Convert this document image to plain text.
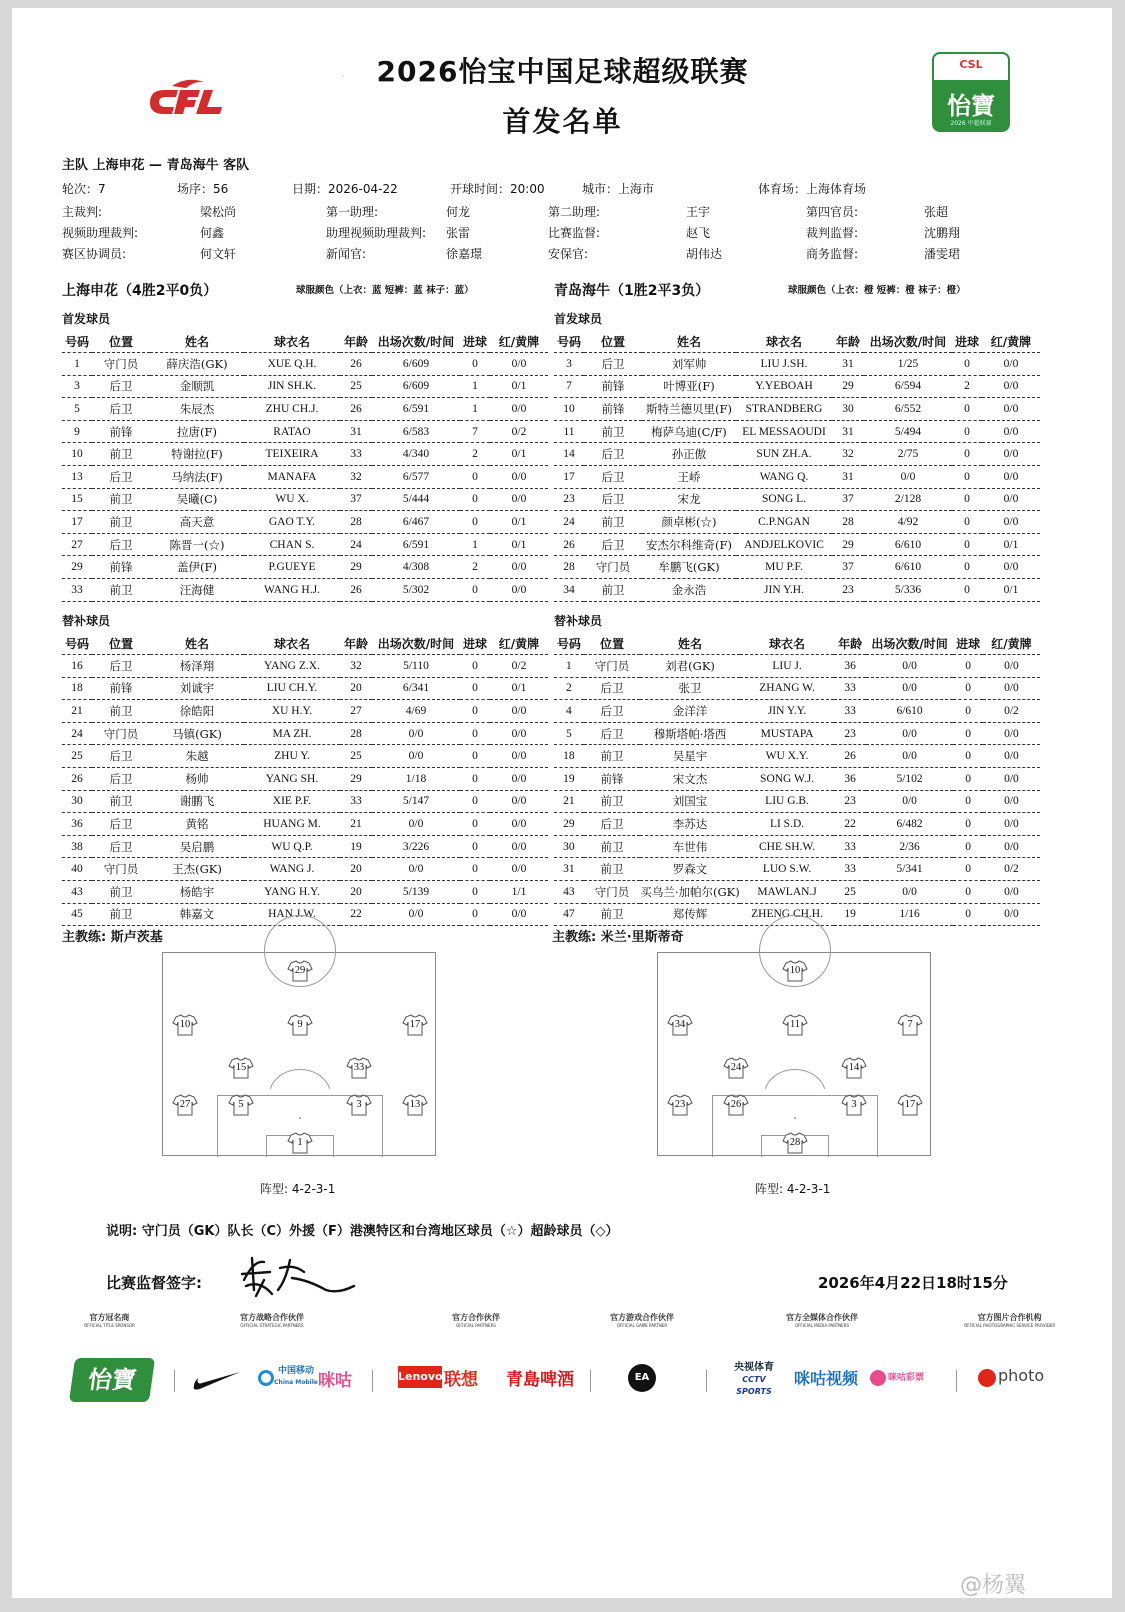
CFL
CSL
怡寶
2026 中超联赛
2026怡宝中国足球超级联赛
首发名单
主队 上海申花 — 青岛海牛 客队
轮次：7	场序：56	日期：2026-04-22	开球时间：20:00	城市：上海市	体育场：上海体育场
主裁判:	梁松尚	第一助理:	何龙	第二助理:	王宇	第四官员:	张超
视频助理裁判:	何鑫	助理视频助理裁判: 张雷	比赛监督:	赵飞	裁判监督:	沈鹏翔
赛区协调员:	何文轩	新闻官:	徐嘉璟	安保官:	胡伟达	商务监督:	潘雯珺
上海申花（4胜2平0负）	球服颜色（上衣：蓝 短裤：蓝 袜子：蓝）	青岛海牛（1胜2平3负）	球服颜色（上衣：橙 短裤：橙 袜子：橙）
首发球员	首发球员
替补球员	替补球员
号码	位置	姓名	球衣名	年龄	出场次数/时间	进球	红/黄牌
1	守门员	薛庆浩(GK)	XUE Q.H.	26	6/609	0	0/0
3	后卫	金顺凯	JIN SH.K.	25	6/609	1	0/1
5	后卫	朱辰杰	ZHU CH.J.	26	6/591	1	0/0
9	前锋	拉唐(F)	RATAO	31	6/583	7	0/2
10	前卫	特谢拉(F)	TEIXEIRA	33	4/340	2	0/1
13	后卫	马纳法(F)	MANAFA	32	6/577	0	0/0
15	前卫	吴曦(C)	WU X.	37	5/444	0	0/0
17	前卫	高天意	GAO T.Y.	28	6/467	0	0/1
27	后卫	陈晋一(☆)	CHAN S.	24	6/591	1	0/1
29	前锋	盖伊(F)	P.GUEYE	29	4/308	2	0/0
33	前卫	汪海健	WANG H.J.	26	5/302	0	0/0
号码	位置	姓名	球衣名	年龄	出场次数/时间	进球	红/黄牌
3	后卫	刘军帅	LIU J.SH.	31	1/25	0	0/0
7	前锋	叶博亚(F)	Y.YEBOAH	29	6/594	2	0/0
10	前锋	斯特兰德贝里(F)	STRANDBERG	30	6/552	0	0/0
11	前卫	梅萨乌迪(C/F)	EL MESSAOUDI	31	5/494	0	0/0
14	后卫	孙正傲	SUN ZH.A.	32	2/75	0	0/0
17	后卫	王峤	WANG Q.	31	0/0	0	0/0
23	后卫	宋龙	SONG L.	37	2/128	0	0/0
24	前卫	颜卓彬(☆)	C.P.NGAN	28	4/92	0	0/0
26	后卫	安杰尔科维奇(F)	ANDJELKOVIC	29	6/610	0	0/1
28	守门员	牟鹏飞(GK)	MU P.F.	37	6/610	0	0/0
34	前卫	金永浩	JIN Y.H.	23	5/336	0	0/1
号码	位置	姓名	球衣名	年龄	出场次数/时间	进球	红/黄牌
16	后卫	杨泽翔	YANG Z.X.	32	5/110	0	0/2
18	前锋	刘诚宇	LIU CH.Y.	20	6/341	0	0/1
21	前卫	徐皓阳	XU H.Y.	27	4/69	0	0/0
24	守门员	马镇(GK)	MA ZH.	28	0/0	0	0/0
25	后卫	朱越	ZHU Y.	25	0/0	0	0/0
26	后卫	杨帅	YANG SH.	29	1/18	0	0/0
30	前卫	谢鹏飞	XIE P.F.	33	5/147	0	0/0
36	后卫	黄铭	HUANG M.	21	0/0	0	0/0
38	后卫	吴启鹏	WU Q.P.	19	3/226	0	0/0
40	守门员	王杰(GK)	WANG J.	20	0/0	0	0/0
43	前卫	杨皓宇	YANG H.Y.	20	5/139	0	1/1
45	前卫	韩嘉文	HAN J.W.	22	0/0	0	0/0
号码	位置	姓名	球衣名	年龄	出场次数/时间	进球	红/黄牌
1	守门员	刘君(GK)	LIU J.	36	0/0	0	0/0
2	后卫	张卫	ZHANG W.	33	0/0	0	0/0
4	后卫	金洋洋	JIN Y.Y.	33	6/610	0	0/2
5	后卫	穆斯塔帕·塔西	MUSTAPA	23	0/0	0	0/0
18	前卫	吴星宇	WU X.Y.	26	0/0	0	0/0
19	前锋	宋文杰	SONG W.J.	36	5/102	0	0/0
21	前卫	刘国宝	LIU G.B.	23	0/0	0	0/0
29	后卫	李苏达	LI S.D.	22	6/482	0	0/0
30	前卫	车世伟	CHE SH.W.	33	2/36	0	0/0
31	前卫	罗森文	LUO S.W.	33	5/341	0	0/2
43	守门员	买乌兰·加帕尔(GK)	MAWLAN.J	25	0/0	0	0/0
47	前卫	郑传辉	ZHENG CH.H.	19	1/16	0	0/0
主教练: 斯卢茨基	主教练: 米兰·里斯蒂奇
29
10	9	17
15	33
27	5	3	13
1
10
34	11	7
24	14
23	26	3	17
28
阵型: 4-2-3-1	阵型: 4-2-3-1
说明: 守门员（GK）队长（C）外援（F）港澳特区和台湾地区球员（☆）超龄球员（◇）
比赛监督签字:	2026年4月22日18时15分
官方冠名商
OFFICIAL TITLE SPONSOR
官方战略合作伙伴
OFFICIAL STRATEGIC PARTNERS
官方合作伙伴
OFFICIAL PARTNERS
官方游戏合作伙伴
OFFICIAL GAME PARTNER
官方全媒体合作伙伴
OFFICIAL MEDIA PARTNERS
官方图片合作机构
OFFICIAL PHOTOGRAPHIC SERVICE PROVIDER
怡寶	中国移动
China Mobile 咪咕	Lenovo 联想 青島啤酒	EA
央视体育
CCTV SPORTS
咪咕视频	咪咕彩票	photo
@杨翼
